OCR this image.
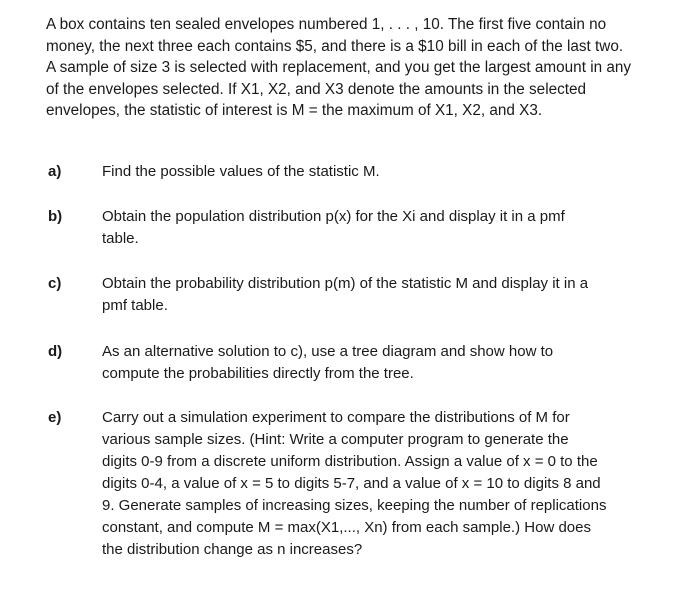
A box contains ten sealed envelopes numbered 1, . . . , 10. The first five contain no
money, the next three each contains $5, and there is a $10 bill in each of the last two.
A sample of size 3 is selected with replacement, and you get the largest amount in any
of the envelopes selected. If X1, X2, and X3 denote the amounts in the selected
envelopes, the statistic of interest is M = the maximum of X1, X2, and X3.

a)	Find the possible values of the statistic M.
b)	Obtain the population distribution p(x) for the Xi and display it in a pmf
table.
c)	Obtain the probability distribution p(m) of the statistic M and display it in a
pmf table.
d)	As an alternative solution to c), use a tree diagram and show how to
compute the probabilities directly from the tree.
e)	Carry out a simulation experiment to compare the distributions of M for
various sample sizes. (Hint: Write a computer program to generate the
digits 0-9 from a discrete uniform distribution. Assign a value of x = 0 to the
digits 0-4, a value of x = 5 to digits 5-7, and a value of x = 10 to digits 8 and
9. Generate samples of increasing sizes, keeping the number of replications
constant, and compute M = max(X1,..., Xn) from each sample.) How does
the distribution change as n increases?
